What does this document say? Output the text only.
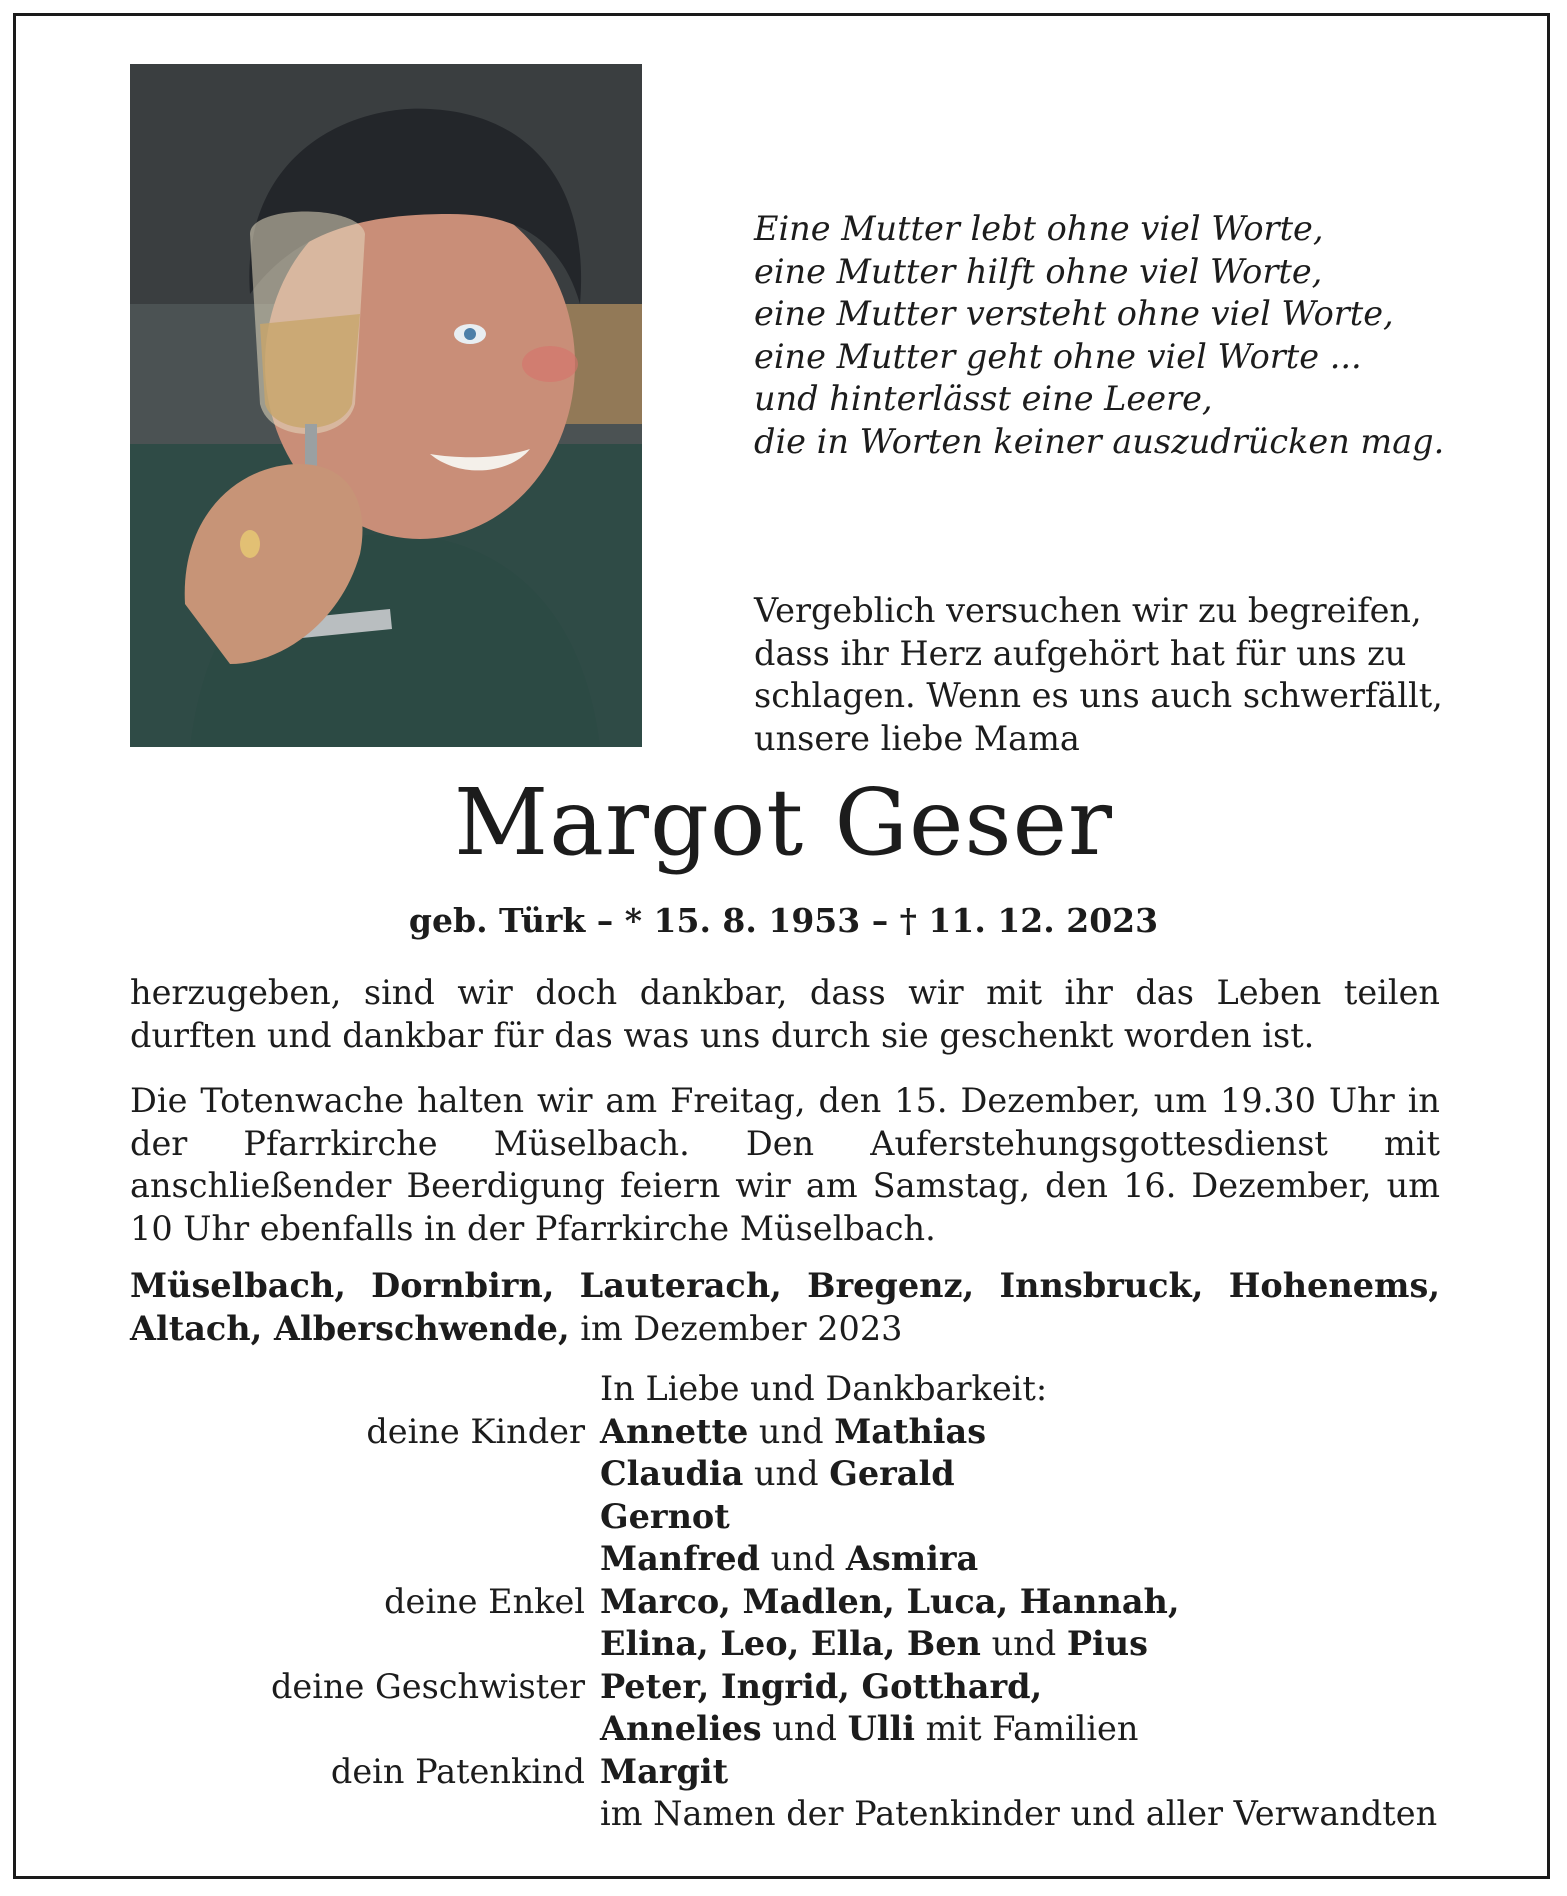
Eine Mutter lebt ohne viel Worte,
eine Mutter hilft ohne viel Worte,
eine Mutter versteht ohne viel Worte,
eine Mutter geht ohne viel Worte ...
und hinterlässt eine Leere,
die in Worten keiner auszudrücken mag.
Vergeblich versuchen wir zu begreifen,
dass ihr Herz aufgehört hat für uns zu
schlagen. Wenn es uns auch schwerfällt,
unsere liebe Mama
Margot Geser
geb. Türk – * 15. 8. 1953 – † 11. 12. 2023
herzugeben, sind wir doch dankbar, dass wir mit ihr das Leben teilen durften und dankbar für das was uns durch sie geschenkt worden ist.
Die Totenwache halten wir am Freitag, den 15. Dezember, um 19.30 Uhr in der Pfarrkirche Müselbach. Den Auferstehungsgottesdienst mit anschließender Beerdigung feiern wir am Samstag, den 16. Dezember, um 10 Uhr ebenfalls in der Pfarrkirche Müselbach.
Müselbach, Dornbirn, Lauterach, Bregenz, Innsbruck, Hohenems, Altach, Alberschwende, im Dezember 2023
In Liebe und Dankbarkeit:
deine Kinder Annette und Mathias
Claudia und Gerald
Gernot
Manfred und Asmira
deine Enkel Marco, Madlen, Luca, Hannah,
Elina, Leo, Ella, Ben und Pius
deine Geschwister Peter, Ingrid, Gotthard,
Annelies und Ulli mit Familien
dein Patenkind Margit
im Namen der Patenkinder und aller Verwandten
